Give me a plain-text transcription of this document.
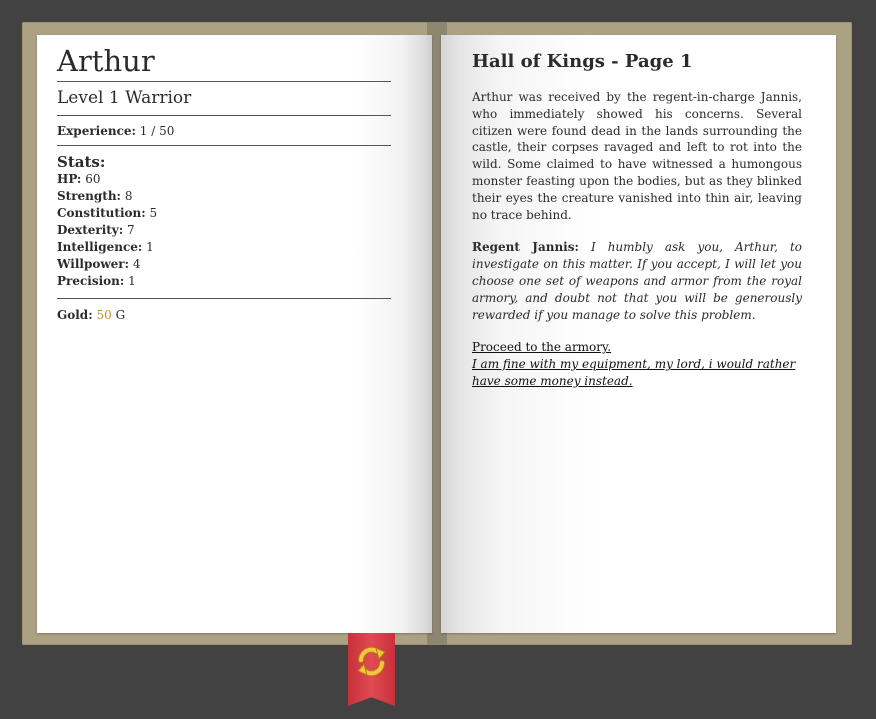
Arthur
Level 1 Warrior
Experience: 1 / 50
Stats:
HP: 60
Strength: 8
Constitution: 5
Dexterity: 7
Intelligence: 1
Willpower: 4
Precision: 1
Gold: 50 G
Hall of Kings - Page 1

Arthur was received by the regent-in-charge Jannis, who immediately showed his concerns. Several citizen were found dead in the lands surrounding the castle, their corpses ravaged and left to rot into the wild. Some claimed to have witnessed a humongous monster feasting upon the bodies, but as they blinked their eyes the creature vanished into thin air, leaving no trace behind.

Regent Jannis: I humbly ask you, Arthur, to investigate on this matter. If you accept, I will let you choose one set of weapons and armor from the royal armory, and doubt not that you will be generously rewarded if you manage to solve this problem.

Proceed to the armory.
I am fine with my equipment, my lord, i would rather have some money instead.
